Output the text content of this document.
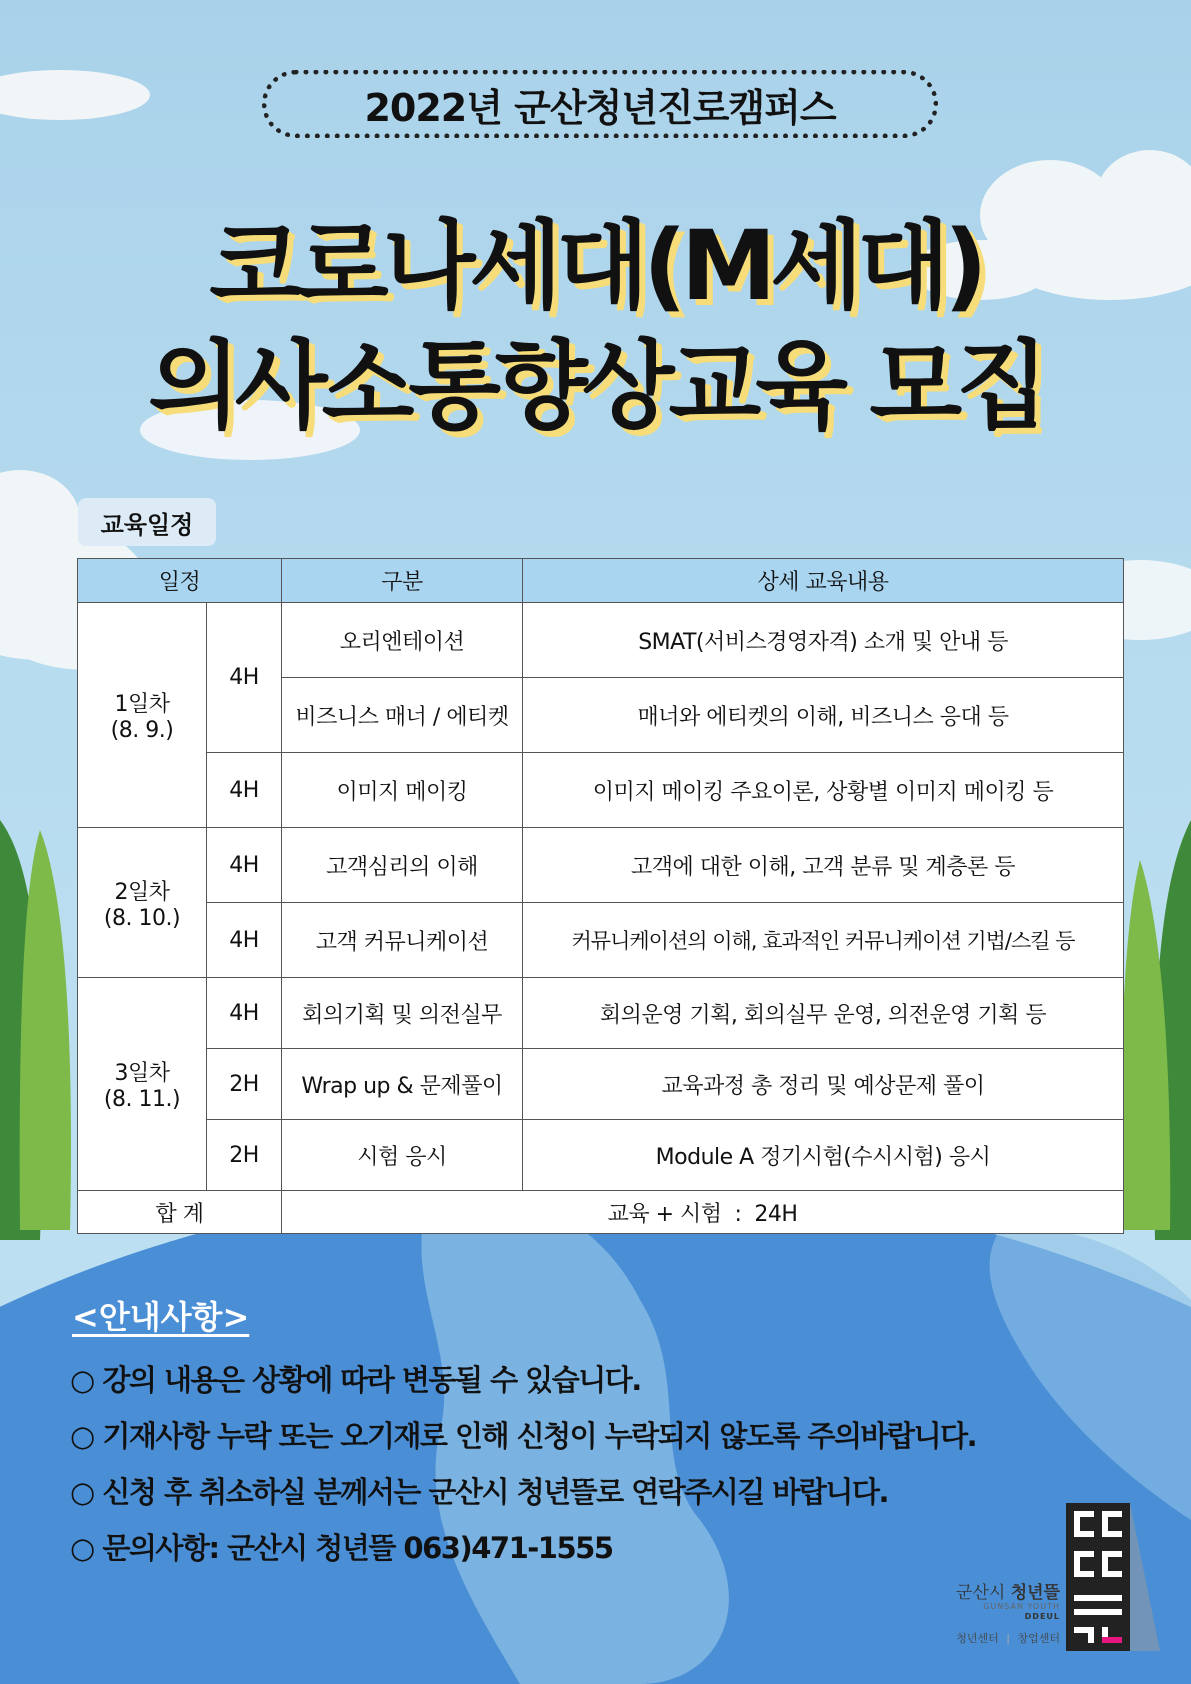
2022년 군산청년진로캠퍼스
코로나세대(M세대)
의사소통향상교육 모집
교육일정
일정		구분	상세 교육내용

1일차
(8. 9.)	4H	오리엔테이션	SMAT(서비스경영자격) 소개 및 안내 등
		비즈니스 매너 / 에티켓	매너와 에티켓의 이해, 비즈니스 응대 등
	4H	이미지 메이킹	이미지 메이킹 주요이론, 상황별 이미지 메이킹 등

2일차
(8. 10.)	4H	고객심리의 이해	고객에 대한 이해, 고객 분류 및 계층론 등
	4H	고객 커뮤니케이션	커뮤니케이션의 이해, 효과적인 커뮤니케이션 기법/스킬 등

3일차
(8. 11.)	4H	회의기획 및 의전실무	회의운영 기획, 회의실무 운영, 의전운영 기획 등
	2H	Wrap up & 문제풀이	교육과정 총 정리 및 예상문제 풀이
	2H	시험 응시	Module A 정기시험(수시시험) 응시
합 계		교육 + 시험  :  24H	
<안내사항>
○ 강의 내용은 상황에 따라 변동될 수 있습니다.
○ 기재사항 누락 또는 오기재로 인해 신청이 누락되지 않도록 주의바랍니다.
○ 신청 후 취소하실 분께서는 군산시 청년뜰로 연락주시길 바랍니다.
○ 문의사항: 군산시 청년뜰 063)471-1555
군산시 청년뜰
GUNSAN YOUTH
DDEUL
청년센터 | 창업센터
